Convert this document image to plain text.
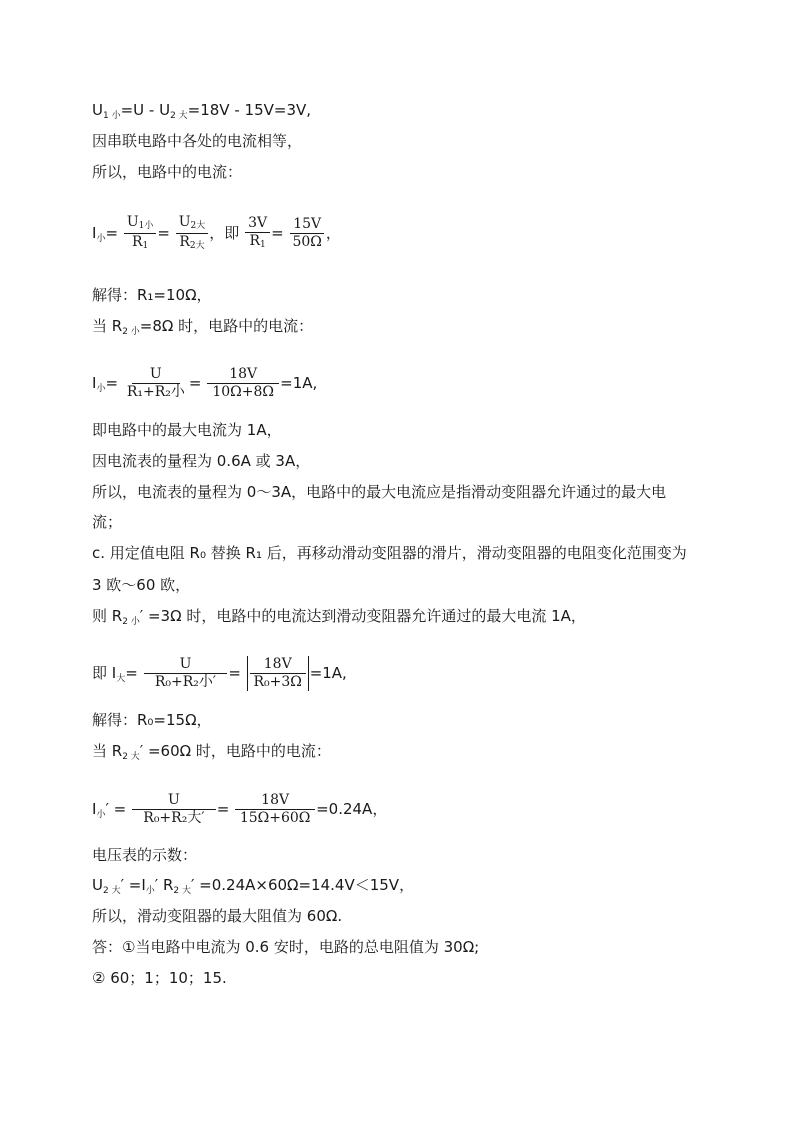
$U_{1 小}=U - U_{2 大}=18V - 15V=3V$,
因串联电路中各处的电流相等，
所以，电路中的电流：
$I_小= \frac{\text{U1小}}{R1} = \frac{\text{U2大}}{\text{R2大}}$ ，即 $\frac{3V}{R1} = \frac{15V}{50\Omega}$ ，
解得：R₁=10Ω，
当 $R_{2 小}=8\Omega$ 时，电路中的电流：
$I_小= \frac{U}{\text{R₁+R₂小}} = \frac{18V}{10\Omega+8\Omega} =1A$,
即电路中的最大电流为 1A，
因电流表的量程为 0.6A 或 3A，
所以，电流表的量程为 0～3A，电路中的最大电流应是指滑动变阻器允许通过的最大电
流；
c. 用定值电阻 R₀ 替换 R₁ 后，再移动滑动变阻器的滑片，滑动变阻器的电阻变化范围变为
3 欧～60 欧，
则 $R_{2 小}' =3\Omega$ 时，电路中的电流达到滑动变阻器允许通过的最大电流 1A，
即 $I_大= \frac{U}{\text{R₀+R₂小′}} = \frac{18V}{\text{R₀+3Ω}} =1A$,
解得：R₀=15Ω，
当 $R_{2 大}' =60\Omega$ 时，电路中的电流：
$I_小' = \frac{U}{\text{R₀+R₂大′}} = \frac{18V}{15\Omega+60\Omega} =0.24A$，
电压表的示数：
$U_{2 大}' =I_小'$ $R_{2 大}' =0.24A\times 60\Omega=14.4V<15V$，
所以，滑动变阻器的最大阻值为 60Ω.
答：①当电路中电流为 0.6 安时，电路的总电阻值为 30Ω;
② 60；1；10；15.
